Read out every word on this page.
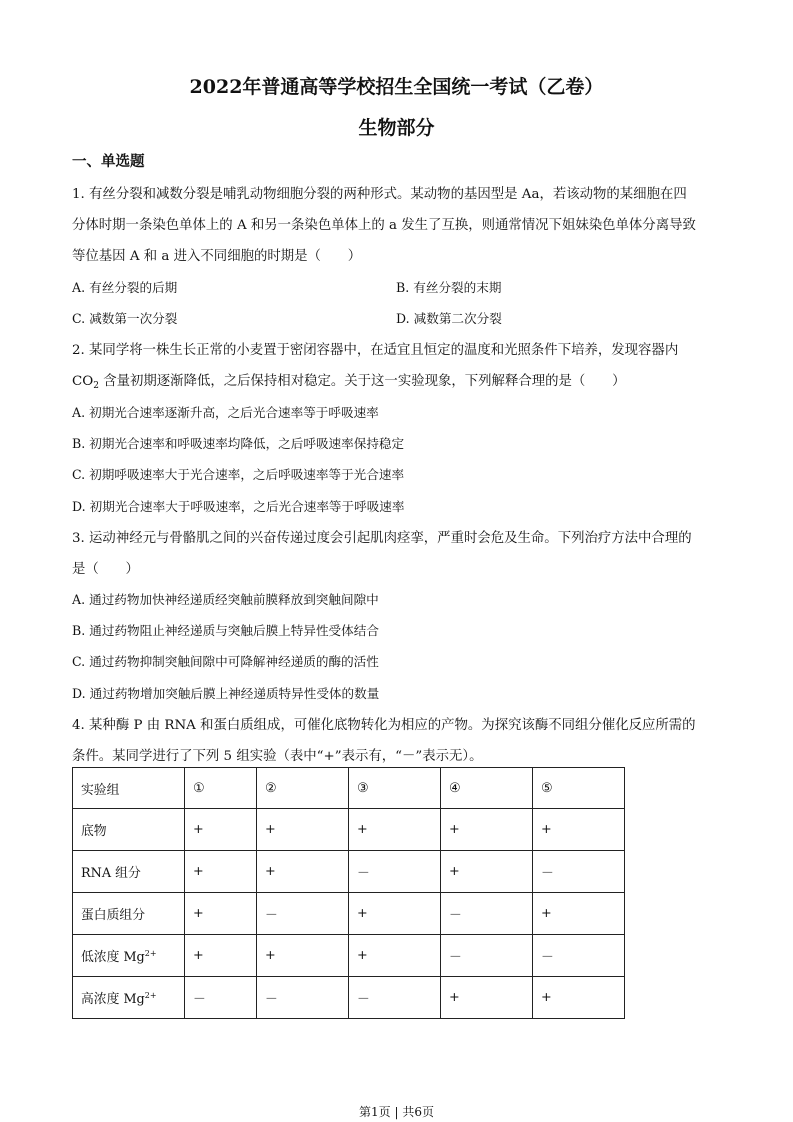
2022年普通高等学校招生全国统一考试（乙卷）
生物部分
一、单选题
1. 有丝分裂和减数分裂是哺乳动物细胞分裂的两种形式。某动物的基因型是 Aa，若该动物的某细胞在四
分体时期一条染色单体上的 A 和另一条染色单体上的 a 发生了互换，则通常情况下姐妹染色单体分离导致
等位基因 A 和 a 进入不同细胞的时期是（　　）
A. 有丝分裂的后期	B. 有丝分裂的末期
C. 减数第一次分裂	D. 减数第二次分裂
2. 某同学将一株生长正常的小麦置于密闭容器中，在适宜且恒定的温度和光照条件下培养，发现容器内
$CO_2$ 含量初期逐渐降低，之后保持相对稳定。关于这一实验现象，下列解释合理的是（　　）
A. 初期光合速率逐渐升高，之后光合速率等于呼吸速率
B. 初期光合速率和呼吸速率均降低，之后呼吸速率保持稳定
C. 初期呼吸速率大于光合速率，之后呼吸速率等于光合速率
D. 初期光合速率大于呼吸速率，之后光合速率等于呼吸速率
3. 运动神经元与骨骼肌之间的兴奋传递过度会引起肌肉痉挛，严重时会危及生命。下列治疗方法中合理的
是（　　）
A. 通过药物加快神经递质经突触前膜释放到突触间隙中
B. 通过药物阻止神经递质与突触后膜上特异性受体结合
C. 通过药物抑制突触间隙中可降解神经递质的酶的活性
D. 通过药物增加突触后膜上神经递质特异性受体的数量
4. 某种酶 P 由 RNA 和蛋白质组成，可催化底物转化为相应的产物。为探究该酶不同组分催化反应所需的
条件。某同学进行了下列 5 组实验（表中“+”表示有，“－”表示无）。
实验组	①	②	③	④	⑤
底物	+	+	+	+	+
RNA 组分	+	+	－	+	－
蛋白质组分	+	－	+	－	+
低浓度 $Mg^{2+}$	+	+	+	－	－
高浓度 $Mg^{2+}$	－	－	－	+	+
第1页 | 共6页
